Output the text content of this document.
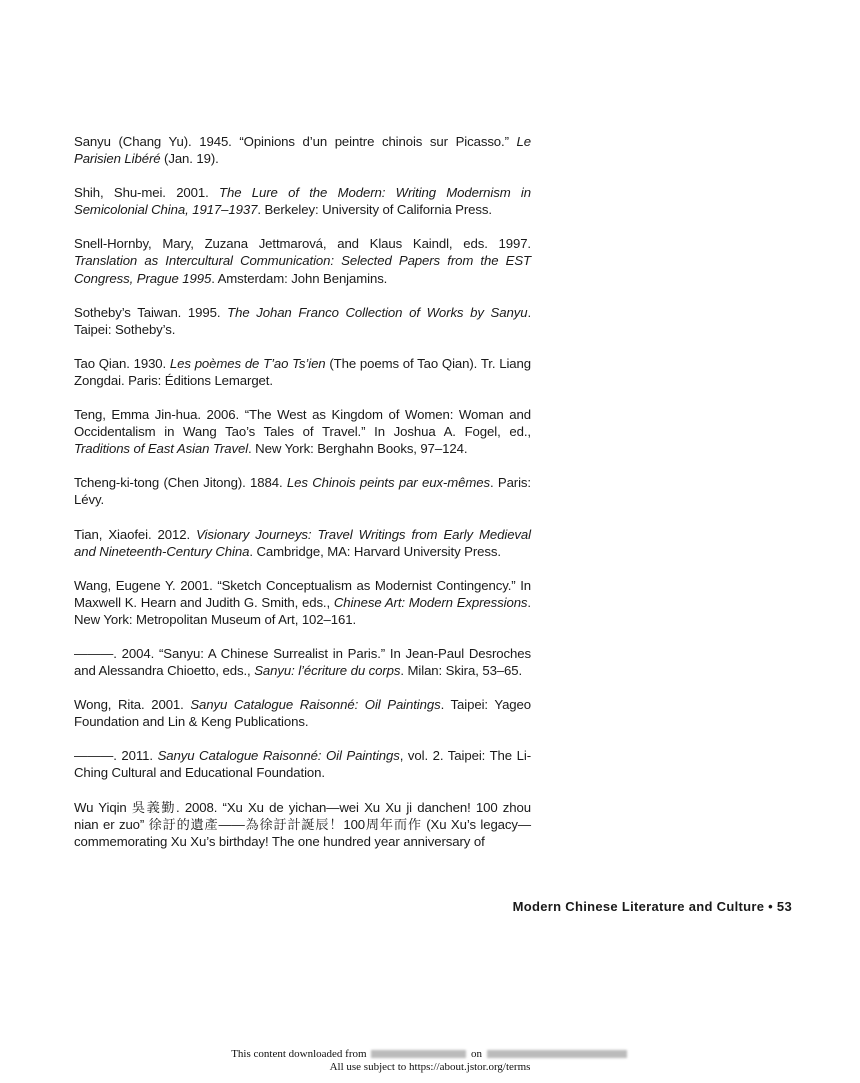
Sanyu (Chang Yu). 1945. “Opinions d’un peintre chinois sur Picasso.” Le Parisien Libéré (Jan. 19).

Shih, Shu-mei. 2001. The Lure of the Modern: Writing Modernism in Semicolonial China, 1917–1937. Berkeley: University of California Press.

Snell-Hornby, Mary, Zuzana Jettmarová, and Klaus Kaindl, eds. 1997. Translation as Intercultural Communication: Selected Papers from the EST Congress, Prague 1995. Amsterdam: John Benjamins.

Sotheby’s Taiwan. 1995. The Johan Franco Collection of Works by Sanyu. Taipei: Sotheby’s.

Tao Qian. 1930. Les poèmes de T’ao Ts’ien (The poems of Tao Qian). Tr. Liang Zongdai. Paris: Éditions Lemarget.

Teng, Emma Jin-hua. 2006. “The West as Kingdom of Women: Woman and Occidentalism in Wang Tao’s Tales of Travel.” In Joshua A. Fogel, ed., Traditions of East Asian Travel. New York: Berghahn Books, 97–124.

Tcheng-ki-tong (Chen Jitong). 1884. Les Chinois peints par eux-mêmes. Paris: Lévy.

Tian, Xiaofei. 2012. Visionary Journeys: Travel Writings from Early Medieval and Nineteenth-Century China. Cambridge, MA: Harvard University Press.

Wang, Eugene Y. 2001. “Sketch Conceptualism as Modernist Contingency.” In Maxwell K. Hearn and Judith G. Smith, eds., Chinese Art: Modern Expressions. New York: Metropolitan Museum of Art, 102–161.

———. 2004. “Sanyu: A Chinese Surrealist in Paris.” In Jean-Paul Desroches and Alessandra Chioetto, eds., Sanyu: l’écriture du corps. Milan: Skira, 53–65.

Wong, Rita. 2001. Sanyu Catalogue Raisonné: Oil Paintings. Taipei: Yageo Foundation and Lin & Keng Publications.

———. 2011. Sanyu Catalogue Raisonné: Oil Paintings, vol. 2. Taipei: The Li-Ching Cultural and Educational Foundation.

Wu Yiqin 吳義勤. 2008. “Xu Xu de yichan—wei Xu Xu ji danchen! 100 zhou nian er zuo” 徐訏的遺產——為徐訏計誕辰！100周年而作 (Xu Xu’s legacy—commemorating Xu Xu’s birthday! The one hundred year anniversary of

Modern Chinese Literature and Culture • 53
This content downloaded from	on
All use subject to https://about.jstor.org/terms
